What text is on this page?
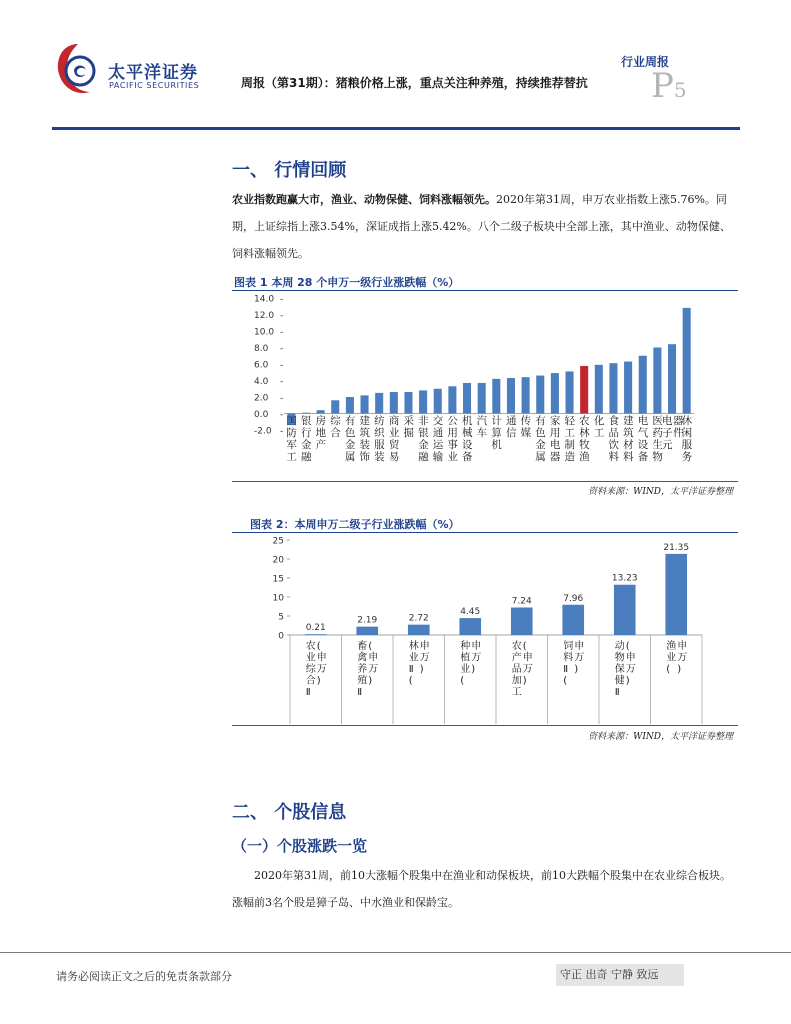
太平洋证券
PACIFIC SECURITIES
行业周报
周报（第31期）：猪粮价格上涨，重点关注种养殖，持续推荐替抗 P5
一、 行情回顾
农业指数跑赢大市，渔业、动物保健、饲料涨幅领先。2020年第31周，申万农业指数上涨5.76%。同期，上证综指上涨3.54%，深证成指上涨5.42%。八个二级子板块中全部上涨，其中渔业、动物保健、饲料涨幅领先。
图表 1 本周 28 个申万一级行业涨跌幅（%）
14.0 -
12.0 -
10.0 -
8.0 -
6.0 -
4.0 -
2.0 -
0.0 -
-2.0 -
国防军工
银行金融
房地产
综合
有色金属
建筑装饰
纺织服装
商业贸易
采掘
非银金融
交通运输
公用事业
机械设备
汽车
计算机
通信
传媒
有色金属
家用电器
轻工制造
农林牧渔
化工
食品饮料
建筑材料
电气设备
医药生物
电子元
器件
休闲服务
资料来源：WIND，太平洋证券整理
图表 2：本周申万二级子行业涨跌幅（%）
25
20
15
10
5
0
0.21
农业综合 Ⅱ
(申万)
2.19
畜禽养殖 Ⅱ
(申万)
2.72
林业 Ⅱ (
申万)
4.45
种植业(
申万)
7.24
农产品加工
(申万)
7.96
饲料 Ⅱ (
申万)
13.23
动物保健 Ⅱ
(申万)
21.35
渔业(
申万)
资料来源：WIND，太平洋证券整理
二、 个股信息
（一）个股涨跌一览
2020年第31周，前10大涨幅个股集中在渔业和动保板块，前10大跌幅个股集中在农业综合板块。涨幅前3名个股是獐子岛、中水渔业和保龄宝。
请务必阅读正文之后的免责条款部分	守正 出奇 宁静 致远
